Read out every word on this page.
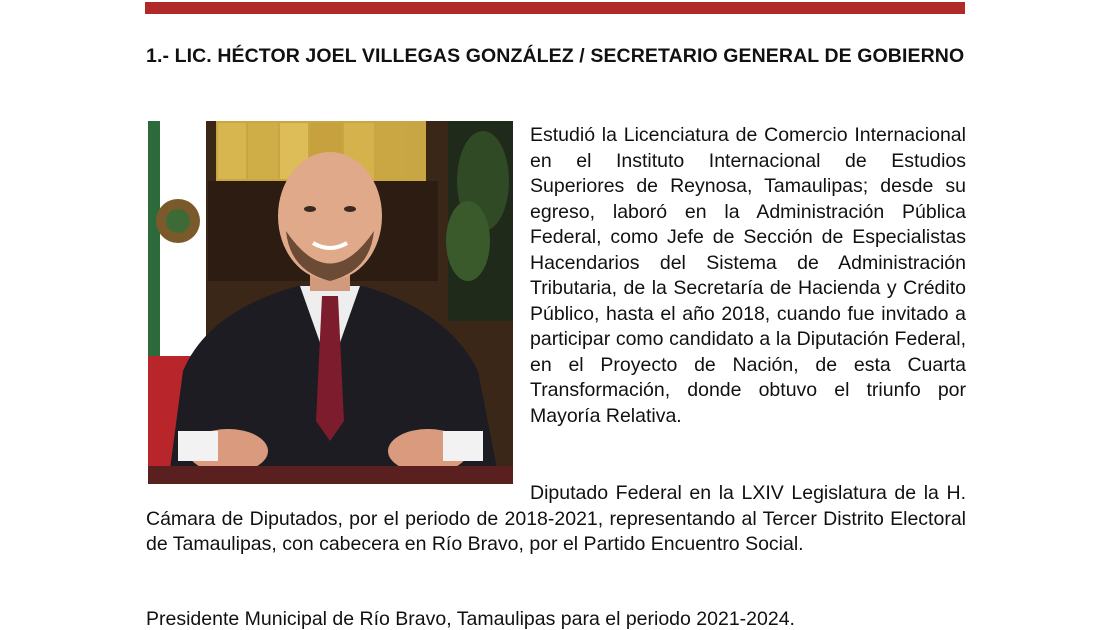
1.- LIC. HÉCTOR JOEL VILLEGAS GONZÁLEZ / SECRETARIO GENERAL DE GOBIERNO
Estudió la Licenciatura de Comercio Internacional en el Instituto Internacional de Estudios Superiores de Reynosa, Tamaulipas; desde su egreso, laboró en la Administración Pública Federal, como Jefe de Sección de Especialistas Hacendarios del Sistema de Administración Tributaria, de la Secretaría de Hacienda y Crédito Público, hasta el año 2018, cuando fue invitado a participar como candidato a la Diputación Federal, en el Proyecto de Nación, de esta Cuarta Transformación, donde obtuvo el triunfo por Mayoría Relativa.
Diputado Federal en la LXIV Legislatura de la H. Cámara de Diputados, por el periodo de 2018-2021, representando al Tercer Distrito Electoral de Tamaulipas, con cabecera en Río Bravo, por el Partido Encuentro Social.
Presidente Municipal de Río Bravo, Tamaulipas para el periodo 2021-2024.
